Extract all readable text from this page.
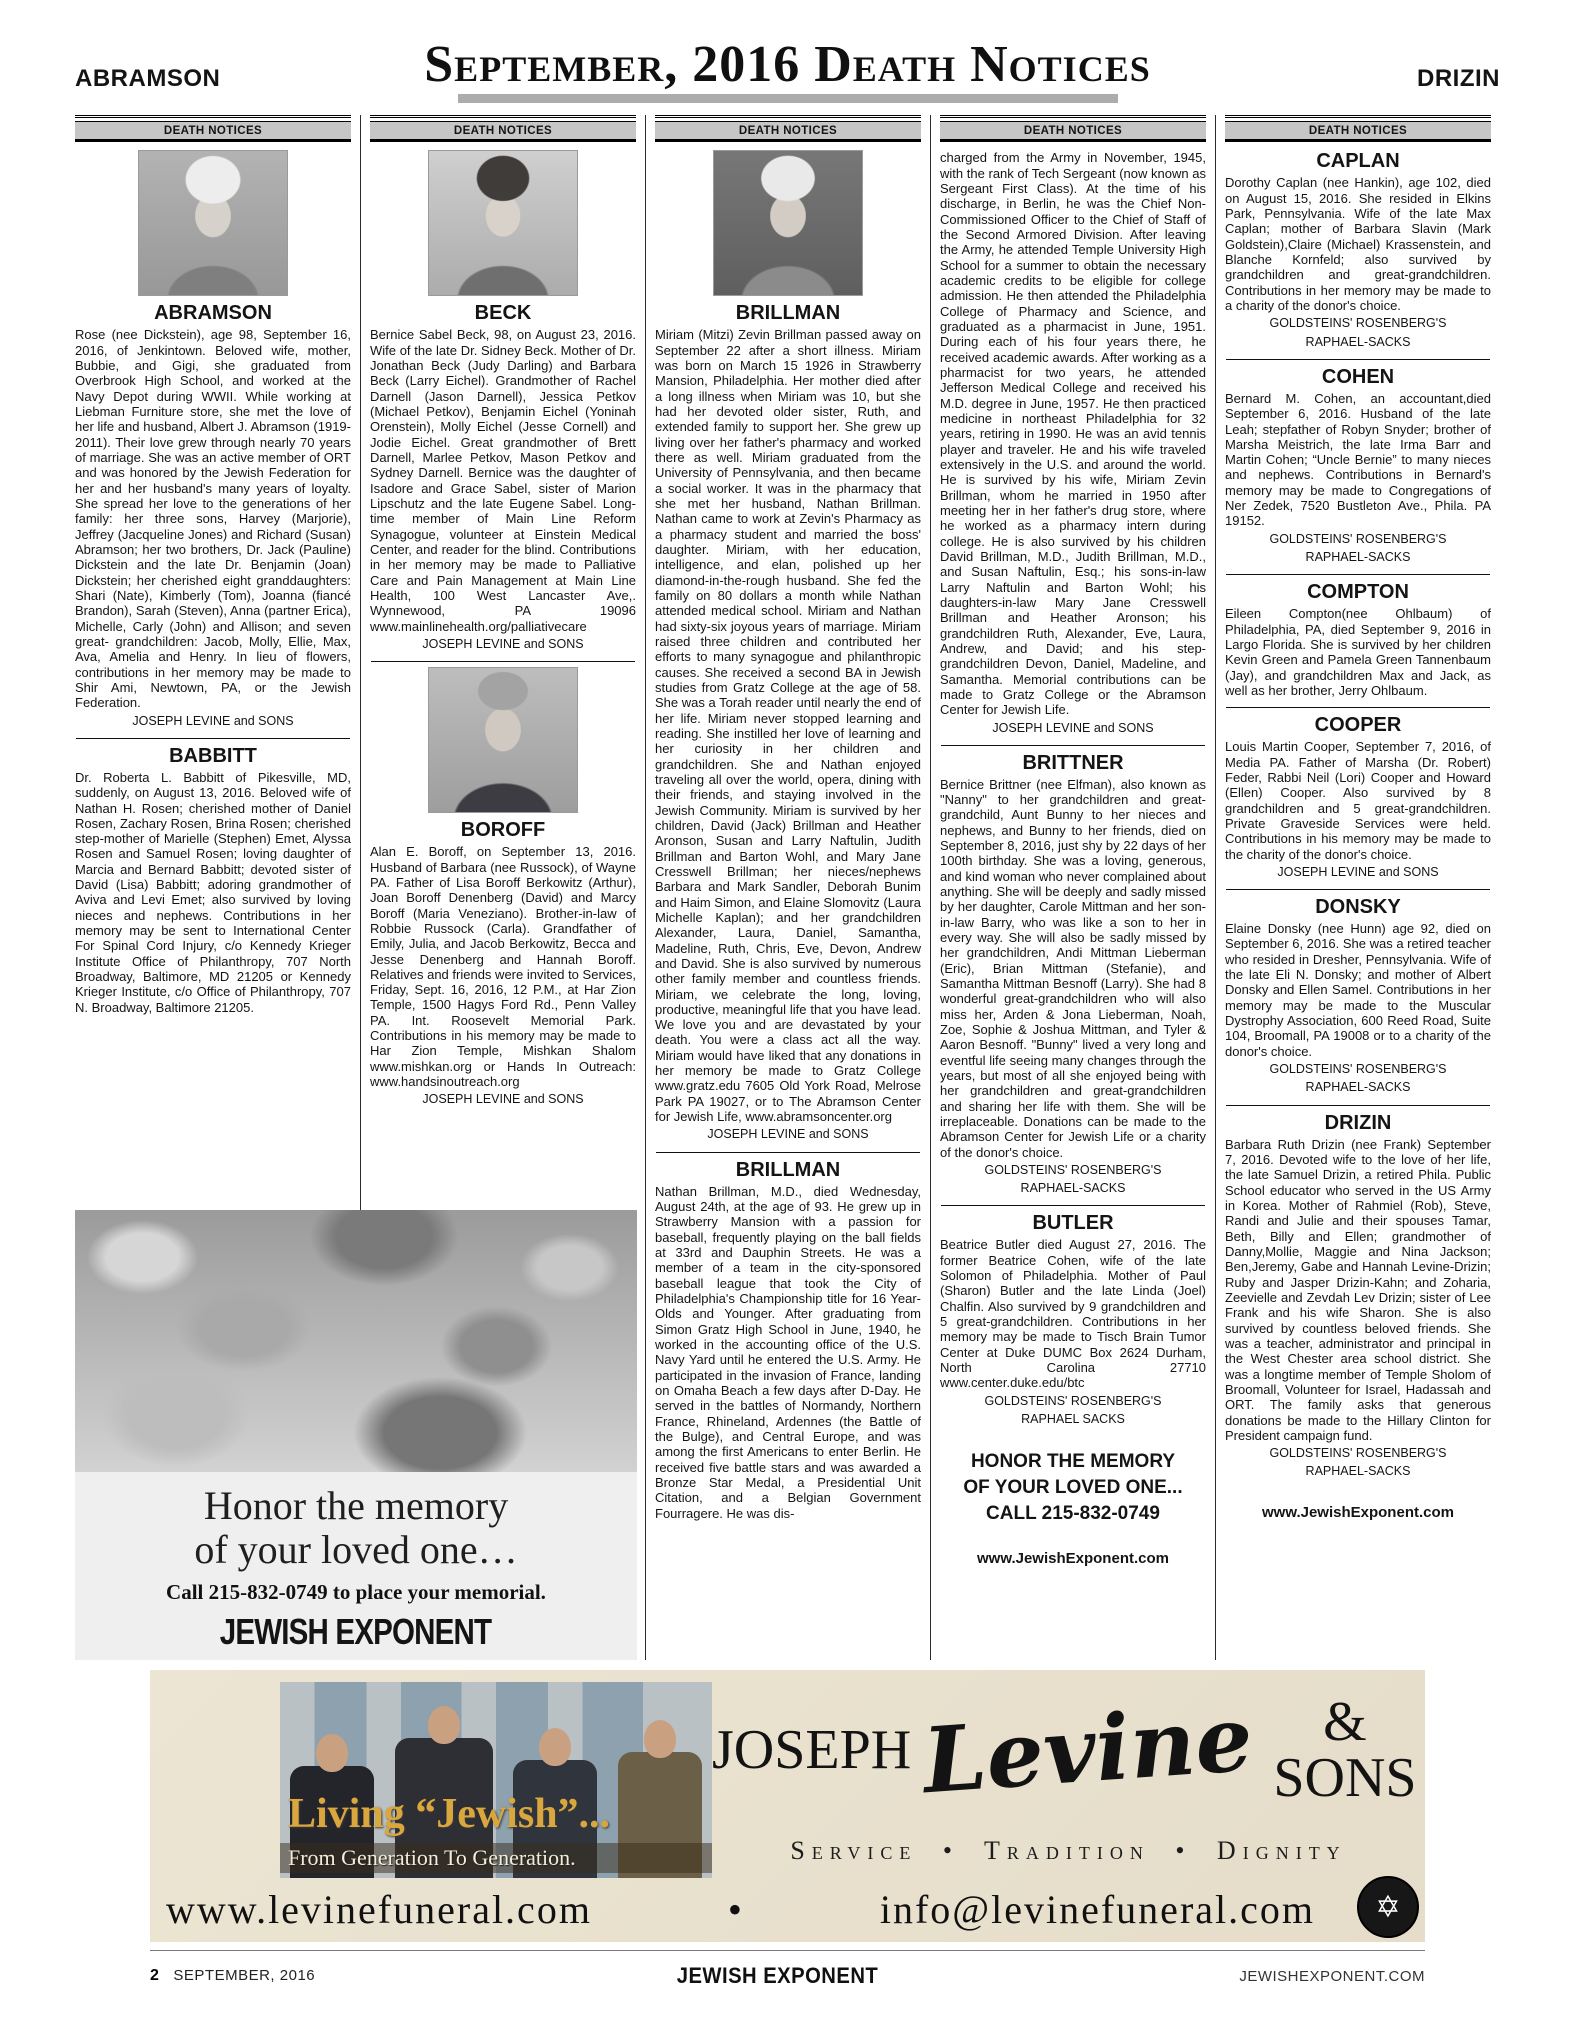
ABRAMSON	September, 2016 Death Notices	DRIZIN
DEATH NOTICES
ABRAMSON
Rose (nee Dickstein), age 98, September 16, 2016, of Jenkintown. Beloved wife, mother, Bubbie, and Gigi, she graduated from Overbrook High School, and worked at the Navy Depot during WWII. While working at Liebman Furniture store, she met the love of her life and husband, Albert J. Abramson (1919-2011). Their love grew through nearly 70 years of marriage. She was an active member of ORT and was honored by the Jewish Federation for her and her husband's many years of loyalty. She spread her love to the generations of her family: her three sons, Harvey (Marjorie), Jeffrey (Jacqueline Jones) and Richard (Susan) Abramson; her two brothers, Dr. Jack (Pauline) Dickstein and the late Dr. Benjamin (Joan) Dickstein; her cherished eight granddaughters: Shari (Nate), Kimberly (Tom), Joanna (fiancé Brandon), Sarah (Steven), Anna (partner Erica), Michelle, Carly (John) and Allison; and seven great- grandchildren: Jacob, Molly, Ellie, Max, Ava, Amelia and Henry. In lieu of flowers, contributions in her memory may be made to Shir Ami, Newtown, PA, or the Jewish Federation.
JOSEPH LEVINE and SONS
BABBITT
Dr. Roberta L. Babbitt of Pikesville, MD, suddenly, on August 13, 2016. Beloved wife of Nathan H. Rosen; cherished mother of Daniel Rosen, Zachary Rosen, Brina Rosen; cherished step-mother of Marielle (Stephen) Emet, Alyssa Rosen and Samuel Rosen; loving daughter of Marcia and Bernard Babbitt; devoted sister of David (Lisa) Babbitt; adoring grandmother of Aviva and Levi Emet; also survived by loving nieces and nephews. Contributions in her memory may be sent to International Center For Spinal Cord Injury, c/o Kennedy Krieger Institute Office of Philanthropy, 707 North Broadway, Baltimore, MD 21205 or Kennedy Krieger Institute, c/o Office of Philanthropy, 707 N. Broadway, Baltimore 21205.
DEATH NOTICES
BECK
Bernice Sabel Beck, 98, on August 23, 2016. Wife of the late Dr. Sidney Beck. Mother of Dr. Jonathan Beck (Judy Darling) and Barbara Beck (Larry Eichel). Grandmother of Rachel Darnell (Jason Darnell), Jessica Petkov (Michael Petkov), Benjamin Eichel (Yoninah Orenstein), Molly Eichel (Jesse Cornell) and Jodie Eichel. Great grandmother of Brett Darnell, Marlee Petkov, Mason Petkov and Sydney Darnell. Bernice was the daughter of Isadore and Grace Sabel, sister of Marion Lipschutz and the late Eugene Sabel. Long-time member of Main Line Reform Synagogue, volunteer at Einstein Medical Center, and reader for the blind. Contributions in her memory may be made to Palliative Care and Pain Management at Main Line Health, 100 West Lancaster Ave,. Wynnewood, PA 19096 www.mainlinehealth.org/palliativecare
JOSEPH LEVINE and SONS
BOROFF
Alan E. Boroff, on September 13, 2016. Husband of Barbara (nee Russock), of Wayne PA. Father of Lisa Boroff Berkowitz (Arthur), Joan Boroff Denenberg (David) and Marcy Boroff (Maria Veneziano). Brother-in-law of Robbie Russock (Carla). Grandfather of Emily, Julia, and Jacob Berkowitz, Becca and Jesse Denenberg and Hannah Boroff. Relatives and friends were invited to Services, Friday, Sept. 16, 2016, 12 P.M., at Har Zion Temple, 1500 Hagys Ford Rd., Penn Valley PA. Int. Roosevelt Memorial Park. Contributions in his memory may be made to Har Zion Temple, Mishkan Shalom www.mishkan.org or Hands In Outreach: www.handsinoutreach.org
JOSEPH LEVINE and SONS
DEATH NOTICES
BRILLMAN
Miriam (Mitzi) Zevin Brillman passed away on September 22 after a short illness. Miriam was born on March 15 1926 in Strawberry Mansion, Philadelphia. Her mother died after a long illness when Miriam was 10, but she had her devoted older sister, Ruth, and extended family to support her. She grew up living over her father's pharmacy and worked there as well. Miriam graduated from the University of Pennsylvania, and then became a social worker. It was in the pharmacy that she met her husband, Nathan Brillman. Nathan came to work at Zevin's Pharmacy as a pharmacy student and married the boss' daughter. Miriam, with her education, intelligence, and elan, polished up her diamond-in-the-rough husband. She fed the family on 80 dollars a month while Nathan attended medical school. Miriam and Nathan had sixty-six joyous years of marriage. Miriam raised three children and contributed her efforts to many synagogue and philanthropic causes. She received a second BA in Jewish studies from Gratz College at the age of 58. She was a Torah reader until nearly the end of her life. Miriam never stopped learning and reading. She instilled her love of learning and her curiosity in her children and grandchildren. She and Nathan enjoyed traveling all over the world, opera, dining with their friends, and staying involved in the Jewish Community. Miriam is survived by her children, David (Jack) Brillman and Heather Aronson, Susan and Larry Naftulin, Judith Brillman and Barton Wohl, and Mary Jane Cresswell Brillman; her nieces/nephews Barbara and Mark Sandler, Deborah Bunim and Haim Simon, and Elaine Slomovitz (Laura Michelle Kaplan); and her grandchildren Alexander, Laura, Daniel, Samantha, Madeline, Ruth, Chris, Eve, Devon, Andrew and David. She is also survived by numerous other family member and countless friends. Miriam, we celebrate the long, loving, productive, meaningful life that you have lead. We love you and are devastated by your death. You were a class act all the way. Miriam would have liked that any donations in her memory be made to Gratz College www.gratz.edu 7605 Old York Road, Melrose Park PA 19027, or to The Abramson Center for Jewish Life, www.abramsoncenter.org
JOSEPH LEVINE and SONS
BRILLMAN
Nathan Brillman, M.D., died Wednesday, August 24th, at the age of 93. He grew up in Strawberry Mansion with a passion for baseball, frequently playing on the ball fields at 33rd and Dauphin Streets. He was a member of a team in the city-sponsored baseball league that took the City of Philadelphia's Championship title for 16 Year-Olds and Younger. After graduating from Simon Gratz High School in June, 1940, he worked in the accounting office of the U.S. Navy Yard until he entered the U.S. Army. He participated in the invasion of France, landing on Omaha Beach a few days after D-Day. He served in the battles of Normandy, Northern France, Rhineland, Ardennes (the Battle of the Bulge), and Central Europe, and was among the first Americans to enter Berlin. He received five battle stars and was awarded a Bronze Star Medal, a Presidential Unit Citation, and a Belgian Government Fourragere. He was dis-
DEATH NOTICES
charged from the Army in November, 1945, with the rank of Tech Sergeant (now known as Sergeant First Class). At the time of his discharge, in Berlin, he was the Chief Non-Commissioned Officer to the Chief of Staff of the Second Armored Division. After leaving the Army, he attended Temple University High School for a summer to obtain the necessary academic credits to be eligible for college admission. He then attended the Philadelphia College of Pharmacy and Science, and graduated as a pharmacist in June, 1951. During each of his four years there, he received academic awards. After working as a pharmacist for two years, he attended Jefferson Medical College and received his M.D. degree in June, 1957. He then practiced medicine in northeast Philadelphia for 32 years, retiring in 1990. He was an avid tennis player and traveler. He and his wife traveled extensively in the U.S. and around the world. He is survived by his wife, Miriam Zevin Brillman, whom he married in 1950 after meeting her in her father's drug store, where he worked as a pharmacy intern during college. He is also survived by his children David Brillman, M.D., Judith Brillman, M.D., and Susan Naftulin, Esq.; his sons-in-law Larry Naftulin and Barton Wohl; his daughters-in-law Mary Jane Cresswell Brillman and Heather Aronson; his grandchildren Ruth, Alexander, Eve, Laura, Andrew, and David; and his step-grandchildren Devon, Daniel, Madeline, and Samantha. Memorial contributions can be made to Gratz College or the Abramson Center for Jewish Life.
JOSEPH LEVINE and SONS
BRITTNER
Bernice Brittner (nee Elfman), also known as "Nanny" to her grandchildren and great-grandchild, Aunt Bunny to her nieces and nephews, and Bunny to her friends, died on September 8, 2016, just shy by 22 days of her 100th birthday. She was a loving, generous, and kind woman who never complained about anything. She will be deeply and sadly missed by her daughter, Carole Mittman and her son-in-law Barry, who was like a son to her in every way. She will also be sadly missed by her grandchildren, Andi Mittman Lieberman (Eric), Brian Mittman (Stefanie), and Samantha Mittman Besnoff (Larry). She had 8 wonderful great-grandchildren who will also miss her, Arden & Jona Lieberman, Noah, Zoe, Sophie & Joshua Mittman, and Tyler & Aaron Besnoff. "Bunny" lived a very long and eventful life seeing many changes through the years, but most of all she enjoyed being with her grandchildren and great-grandchildren and sharing her life with them. She will be irreplaceable. Donations can be made to the Abramson Center for Jewish Life or a charity of the donor's choice.
GOLDSTEINS' ROSENBERG'S
RAPHAEL-SACKS
BUTLER
Beatrice Butler died August 27, 2016. The former Beatrice Cohen, wife of the late Solomon of Philadelphia. Mother of Paul (Sharon) Butler and the late Linda (Joel) Chalfin. Also survived by 9 grandchildren and 5 great-grandchildren. Contributions in her memory may be made to Tisch Brain Tumor Center at Duke DUMC Box 2624 Durham, North Carolina 27710 www.center.duke.edu/btc
GOLDSTEINS' ROSENBERG'S
RAPHAEL SACKS
HONOR THE MEMORY
OF YOUR LOVED ONE...
CALL 215-832-0749
www.JewishExponent.com
DEATH NOTICES
CAPLAN
Dorothy Caplan (nee Hankin), age 102, died on August 15, 2016. She resided in Elkins Park, Pennsylvania. Wife of the late Max Caplan; mother of Barbara Slavin (Mark Goldstein),Claire (Michael) Krassenstein, and Blanche Kornfeld; also survived by grandchildren and great-grandchildren. Contributions in her memory may be made to a charity of the donor's choice.
GOLDSTEINS' ROSENBERG'S
RAPHAEL-SACKS
COHEN
Bernard M. Cohen, an accountant,died September 6, 2016. Husband of the late Leah; stepfather of Robyn Snyder; brother of Marsha Meistrich, the late Irma Barr and Martin Cohen; “Uncle Bernie” to many nieces and nephews. Contributions in Bernard's memory may be made to Congregations of Ner Zedek, 7520 Bustleton Ave., Phila. PA 19152.
GOLDSTEINS' ROSENBERG'S
RAPHAEL-SACKS
COMPTON
Eileen Compton(nee Ohlbaum) of Philadelphia, PA, died September 9, 2016 in Largo Florida. She is survived by her children Kevin Green and Pamela Green Tannenbaum (Jay), and grandchildren Max and Jack, as well as her brother, Jerry Ohlbaum.
COOPER
Louis Martin Cooper, September 7, 2016, of Media PA. Father of Marsha (Dr. Robert) Feder, Rabbi Neil (Lori) Cooper and Howard (Ellen) Cooper. Also survived by 8 grandchildren and 5 great-grandchildren. Private Graveside Services were held. Contributions in his memory may be made to the charity of the donor's choice.
JOSEPH LEVINE and SONS
DONSKY
Elaine Donsky (nee Hunn) age 92, died on September 6, 2016. She was a retired teacher who resided in Dresher, Pennsylvania. Wife of the late Eli N. Donsky; and mother of Albert Donsky and Ellen Samel. Contributions in her memory may be made to the Muscular Dystrophy Association, 600 Reed Road, Suite 104, Broomall, PA 19008 or to a charity of the donor's choice.
GOLDSTEINS' ROSENBERG'S
RAPHAEL-SACKS
DRIZIN
Barbara Ruth Drizin (nee Frank) September 7, 2016. Devoted wife to the love of her life, the late Samuel Drizin, a retired Phila. Public School educator who served in the US Army in Korea. Mother of Rahmiel (Rob), Steve, Randi and Julie and their spouses Tamar, Beth, Billy and Ellen; grandmother of Danny,Mollie, Maggie and Nina Jackson; Ben,Jeremy, Gabe and Hannah Levine-Drizin; Ruby and Jasper Drizin-Kahn; and Zoharia, Zeevielle and Zevdah Lev Drizin; sister of Lee Frank and his wife Sharon. She is also survived by countless beloved friends. She was a teacher, administrator and principal in the West Chester area school district. She was a longtime member of Temple Sholom of Broomall, Volunteer for Israel, Hadassah and ORT. The family asks that generous donations be made to the Hillary Clinton for President campaign fund.
GOLDSTEINS' ROSENBERG'S
RAPHAEL-SACKS
www.JewishExponent.com
Honor the memory
of your loved one…
Call 215-832-0749 to place your memorial.
JEWISH EXPONENT
Living “Jewish”...
From Generation To Generation.
JOSEPH Levine	& SONS
Service • Tradition • Dignity
www.levinefuneral.com	•	info@levinefuneral.com	✡
2 SEPTEMBER, 2016	JEWISH EXPONENT	JEWISHEXPONENT.COM
